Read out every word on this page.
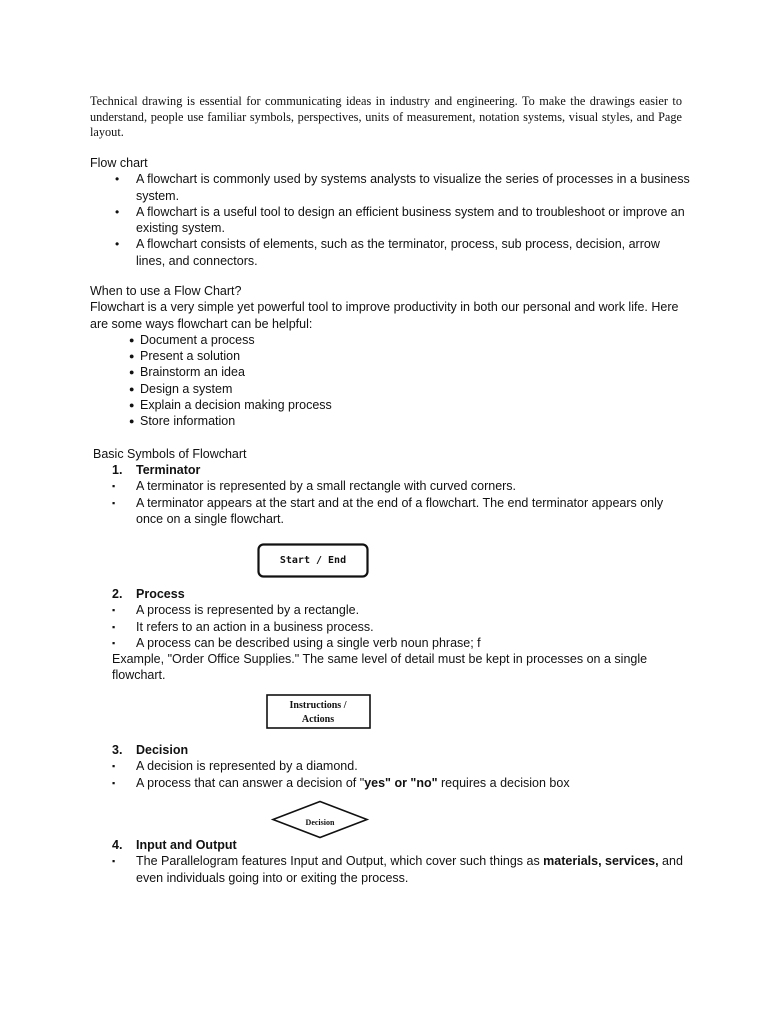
Technical drawing is essential for communicating ideas in industry and engineering. To make the drawings easier to understand, people use familiar symbols, perspectives, units of measurement, notation systems, visual styles, and Page layout.
Flow chart
• A flowchart is commonly used by systems analysts to visualize the series of processes in a business system.
• A flowchart is a useful tool to design an efficient business system and to troubleshoot or improve an existing system.
• A flowchart consists of elements, such as the terminator, process, sub process, decision, arrow lines, and connectors.
When to use a Flow Chart?
Flowchart is a very simple yet powerful tool to improve productivity in both our personal and work life. Here are some ways flowchart can be helpful:
● Document a process
● Present a solution
● Brainstorm an idea
● Design a system
● Explain a decision making process
● Store information
Basic Symbols of Flowchart
1. Terminator
▪ A terminator is represented by a small rectangle with curved corners.
▪ A terminator appears at the start and at the end of a flowchart. The end terminator appears only once on a single flowchart.
Start / End
2. Process
▪ A process is represented by a rectangle.
▪ It refers to an action in a business process.
▪ A process can be described using a single verb noun phrase; f
Example, "Order Office Supplies." The same level of detail must be kept in processes on a single flowchart.
Instructions /
Actions
3. Decision
▪ A decision is represented by a diamond.
▪ A process that can answer a decision of "yes" or "no" requires a decision box
Decision
4. Input and Output
▪ The Parallelogram features Input and Output, which cover such things as materials, services, and even individuals going into or exiting the process.
